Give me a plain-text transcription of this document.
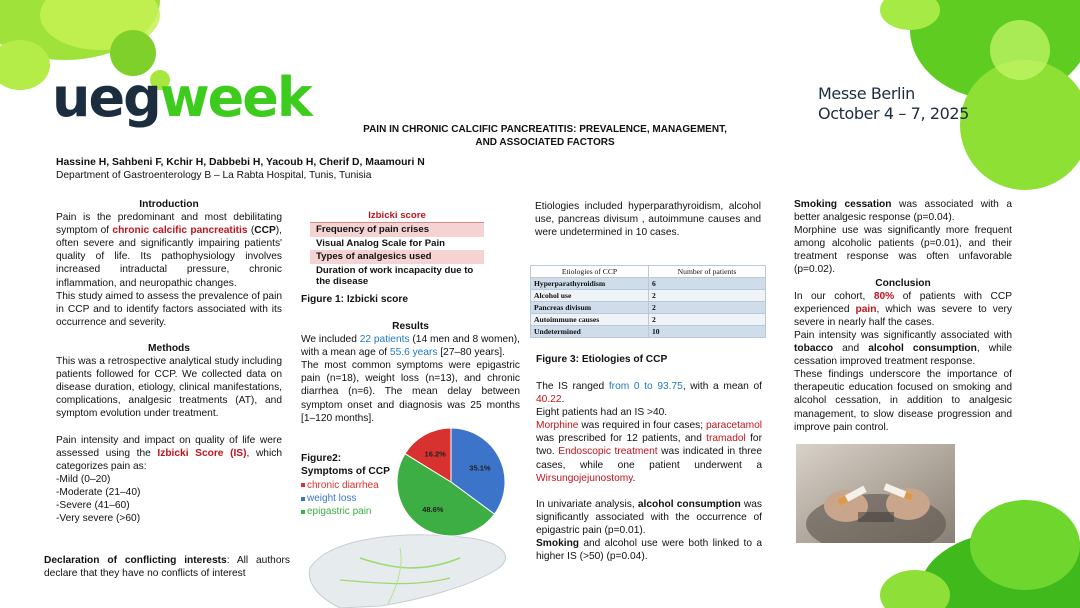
uegweek	Messe Berlin
October 4 – 7, 2025
PAIN IN CHRONIC CALCIFIC PANCREATITIS: PREVALENCE, MANAGEMENT,
AND ASSOCIATED FACTORS
Hassine H, Sahbeni F, Kchir H, Dabbebi H, Yacoub H, Cherif D, Maamouri N
Department of Gastroenterology B – La Rabta Hospital, Tunis, Tunisia
Introduction

Pain is the predominant and most debilitating symptom of chronic calcific pancreatitis (CCP), often severe and significantly impairing patients' quality of life. Its pathophysiology involves increased intraductal pressure, chronic inflammation, and neuropathic changes.

This study aimed to assess the prevalence of pain in CCP and to identify factors associated with its occurrence and severity.

Methods

This was a retrospective analytical study including patients followed for CCP. We collected data on disease duration, etiology, clinical manifestations, complications, analgesic treatments (AT), and symptom evolution under treatment.

Pain intensity and impact on quality of life were assessed using the Izbicki Score (IS), which categorizes pain as:

-Mild (0–20)
-Moderate (21–40)
-Severe (41–60)
-Very severe (>60)
Declaration of conflicting interests: All authors declare that they have no conflicts of interest
Izbicki score
Frequency of pain crises
Visual Analog Scale for Pain
Types of analgesics used
Duration of work incapacity due to the disease
Figure 1: Izbicki score
Results

We included 22 patients (14 men and 8 women), with a mean age of 55.6 years [27–80 years].

The most common symptoms were epigastric pain (n=18), weight loss (n=13), and chronic diarrhea (n=6). The mean delay between symptom onset and diagnosis was 25 months [1–120 months].

Figure2:
Symptoms of CCP
chronic diarrhea
weight loss
epigastric pain
35.1%
48.6%
16.2%
Etiologies included hyperparathyroidism, alcohol use, pancreas divisum , autoimmune causes and were undetermined in 10 cases.
Etiologies of CCP	Number of patients
Hyperparathyroidism	6
Alcohol use	2
Pancreas divisum	2
Autoimmune causes	2
Undetermined	10
Figure 3: Etiologies of CCP

The IS ranged from 0 to 93.75, with a mean of 40.22.

Eight patients had an IS >40.

Morphine was required in four cases; paracetamol was prescribed for 12 patients, and tramadol for two. Endoscopic treatment was indicated in three cases, while one patient underwent a Wirsungojejunostomy.

In univariate analysis, alcohol consumption was significantly associated with the occurrence of epigastric pain (p=0.01).

Smoking and alcohol use were both linked to a higher IS (>50) (p=0.04).

Smoking cessation was associated with a better analgesic response (p=0.04).

Morphine use was significantly more frequent among alcoholic patients (p=0.01), and their treatment response was often unfavorable (p=0.02).

Conclusion

In our cohort, 80% of patients with CCP experienced pain, which was severe to very severe in nearly half the cases.

Pain intensity was significantly associated with tobacco and alcohol consumption, while cessation improved treatment response.

These findings underscore the importance of therapeutic education focused on smoking and alcohol cessation, in addition to analgesic management, to slow disease progression and improve pain control.
